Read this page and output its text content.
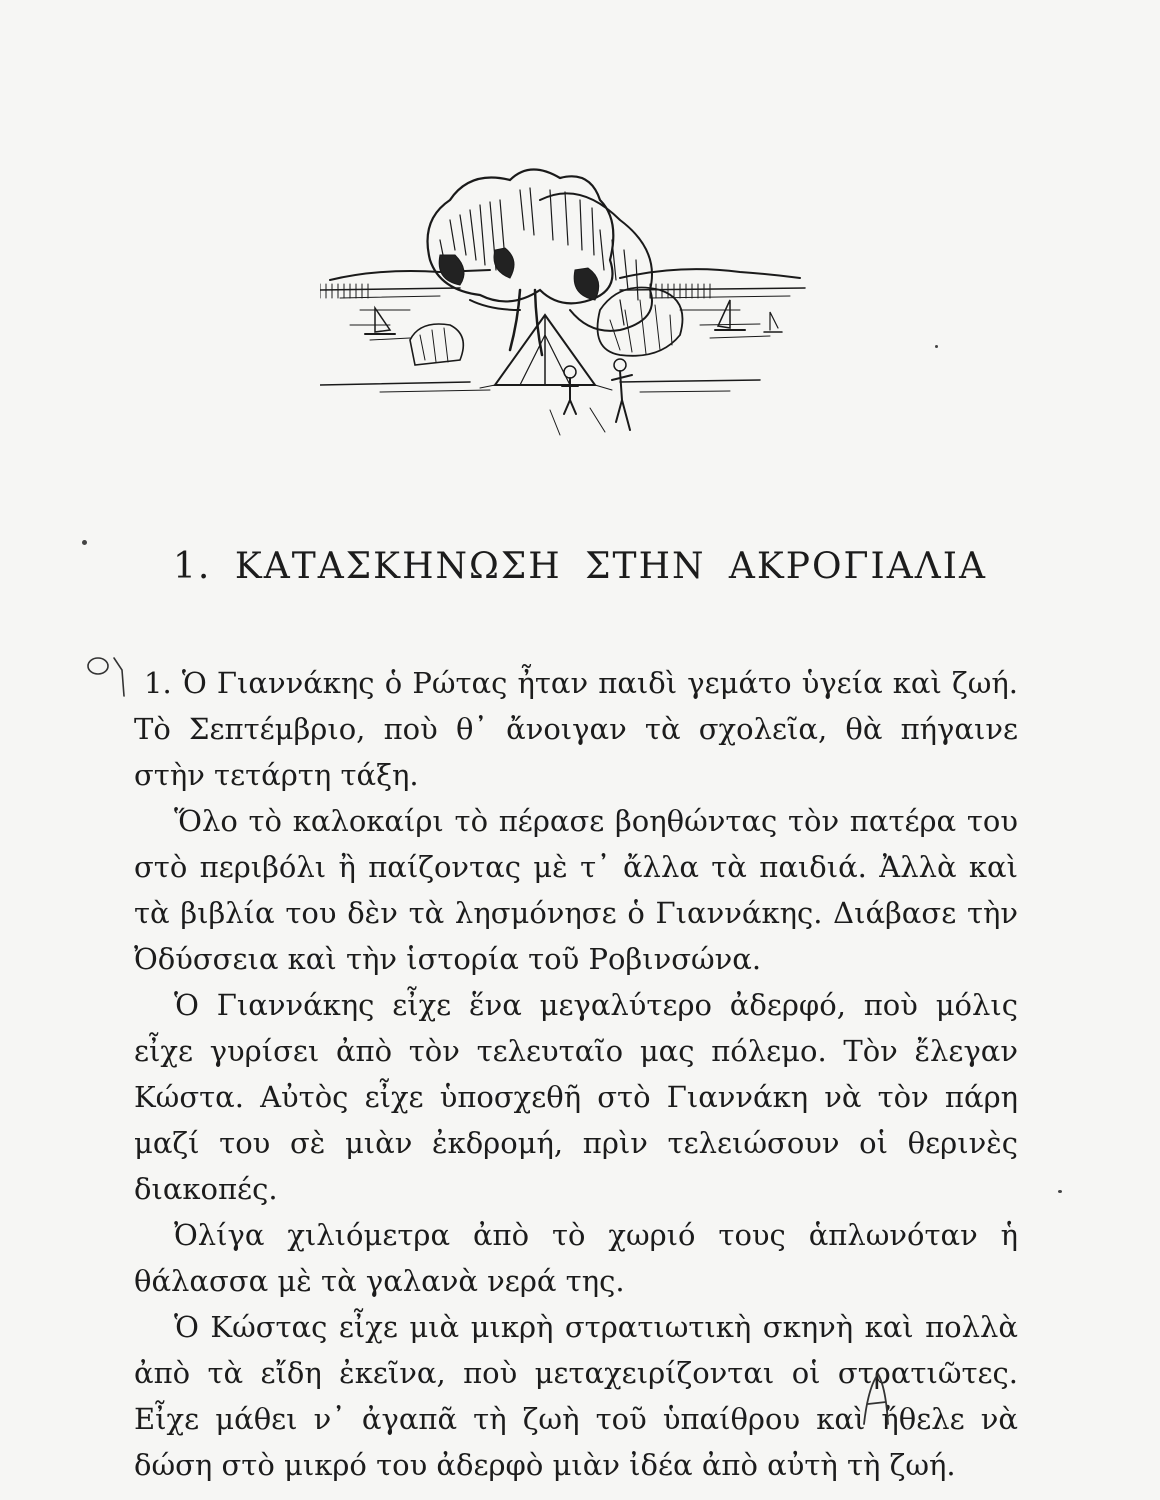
1. ΚΑΤΑΣΚΗΝΩΣΗ ΣΤΗΝ ΑΚΡΟΓΙΑΛΙΑ

1. Ὁ Γιαννάκης ὁ Ρώτας ἦταν παιδὶ γεμάτο ὑγεία καὶ ζωή. Τὸ Σεπτέμβριο, ποὺ θ᾽ ἄνοιγαν τὰ σχολεῖα, θὰ πήγαινε στὴν τετάρτη τάξη.

Ὅλο τὸ καλοκαίρι τὸ πέρασε βοηθώντας τὸν πατέρα του στὸ περιβόλι ἢ παίζοντας μὲ τ᾽ ἄλλα τὰ παιδιά. Ἀλλὰ καὶ τὰ βιβλία του δὲν τὰ λησμόνησε ὁ Γιαννάκης. Διάβασε τὴν Ὀδύσσεια καὶ τὴν ἱστορία τοῦ Ροβινσώνα.

Ὁ Γιαννάκης εἶχε ἕνα μεγαλύτερο ἀδερφό, ποὺ μόλις εἶχε γυρίσει ἀπὸ τὸν τελευταῖο μας πόλεμο. Τὸν ἔλεγαν Κώστα. Αὐτὸς εἶχε ὑποσχεθῆ στὸ Γιαννάκη νὰ τὸν πάρη μαζί του σὲ μιὰν ἐκδρομή, πρὶν τελειώσουν οἱ θερινὲς διακοπές.

Ὀλίγα χιλιόμετρα ἀπὸ τὸ χωριό τους ἁπλωνόταν ἡ θάλασσα μὲ τὰ γαλανὰ νερά της.

Ὁ Κώστας εἶχε μιὰ μικρὴ στρατιωτικὴ σκηνὴ καὶ πολλὰ ἀπὸ τὰ εἴδη ἐκεῖνα, ποὺ μεταχειρίζονται οἱ στρατιῶτες. Εἶχε μάθει ν᾽ ἀγαπᾶ τὴ ζωὴ τοῦ ὑπαίθρου καὶ ἤθελε νὰ δώση στὸ μικρό του ἀδερφὸ μιὰν ἰδέα ἀπὸ αὐτὴ τὴ ζωή.
